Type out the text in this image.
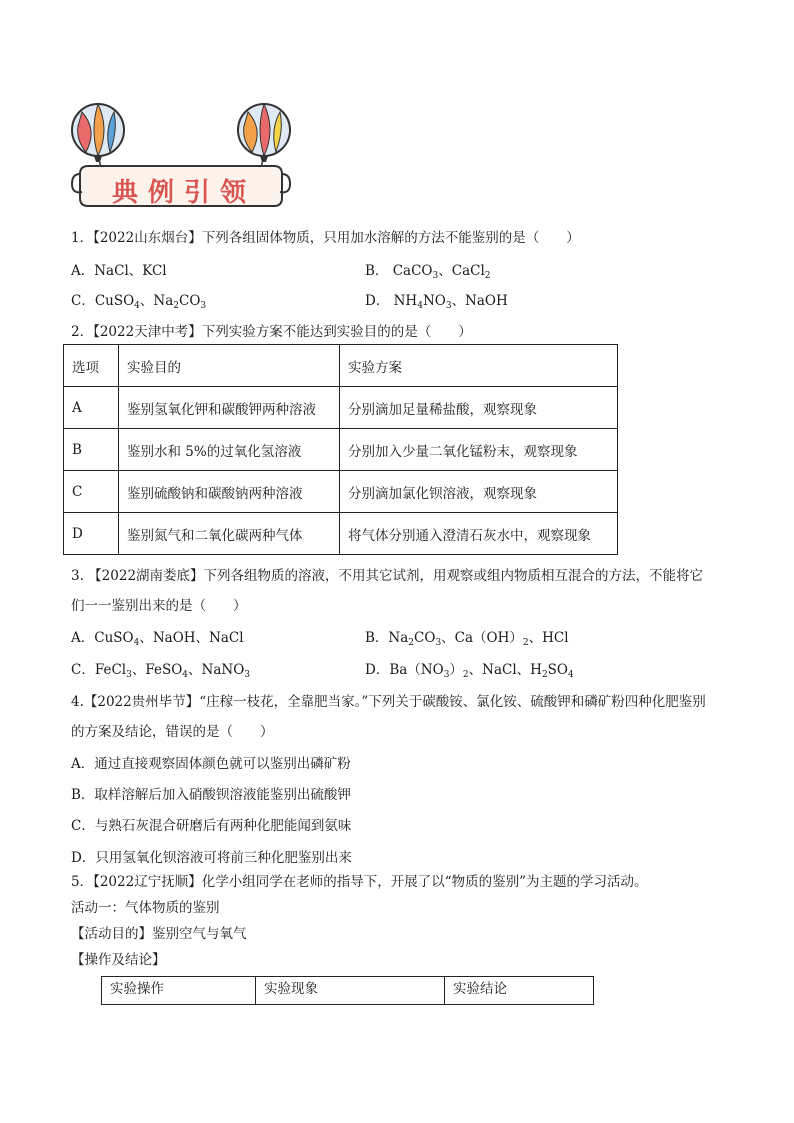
典例引领
1．【2022山东烟台】下列各组固体物质，只用加水溶解的方法不能鉴别的是（　　）
A．NaCl、KCl	B． CaCO$_3$、CaCl$_2$
C．CuSO$_4$、$Na_2CO_3$	D． $NH_4NO_3$、NaOH
2．【2022天津中考】下列实验方案不能达到实验目的的是（　　）
选项	实验目的	实验方案
A	鉴别氢氧化钾和碳酸钾两种溶液	分别滴加足量稀盐酸，观察现象
B	鉴别水和 5%的过氧化氢溶液	分别加入少量二氧化锰粉末，观察现象
C	鉴别硫酸钠和碳酸钠两种溶液	分别滴加氯化钡溶液，观察现象
D	鉴别氮气和二氧化碳两种气体	将气体分别通入澄清石灰水中，观察现象
3. 【2022湖南娄底】下列各组物质的溶液，不用其它试剂，用观察或组内物质相互混合的方法，不能将它
们一一鉴别出来的是（　　）
A．CuSO$_4$、NaOH、NaCl	B．$Na_2CO_3$、$Ca(OH)_2$、HCl
C．FeCl$_3$、FeSO$_4$、NaNO$_3$	D．$Ba(NO_3)_2$、NaCl、$H_2SO_4$
4.【2022贵州毕节】“庄稼一枝花，全靠肥当家。”下列关于碳酸铵、氯化铵、硫酸钾和磷矿粉四种化肥鉴别
的方案及结论，错误的是（　　）
A．通过直接观察固体颜色就可以鉴别出磷矿粉
B．取样溶解后加入硝酸钡溶液能鉴别出硫酸钾
C．与熟石灰混合研磨后有两种化肥能闻到氨味
D．只用氢氧化钡溶液可将前三种化肥鉴别出来
5．【2022辽宁抚顺】化学小组同学在老师的指导下，开展了以“物质的鉴别”为主题的学习活动。
活动一：气体物质的鉴别
【活动目的】鉴别空气与氧气
【操作及结论】
实验操作	实验现象	实验结论
